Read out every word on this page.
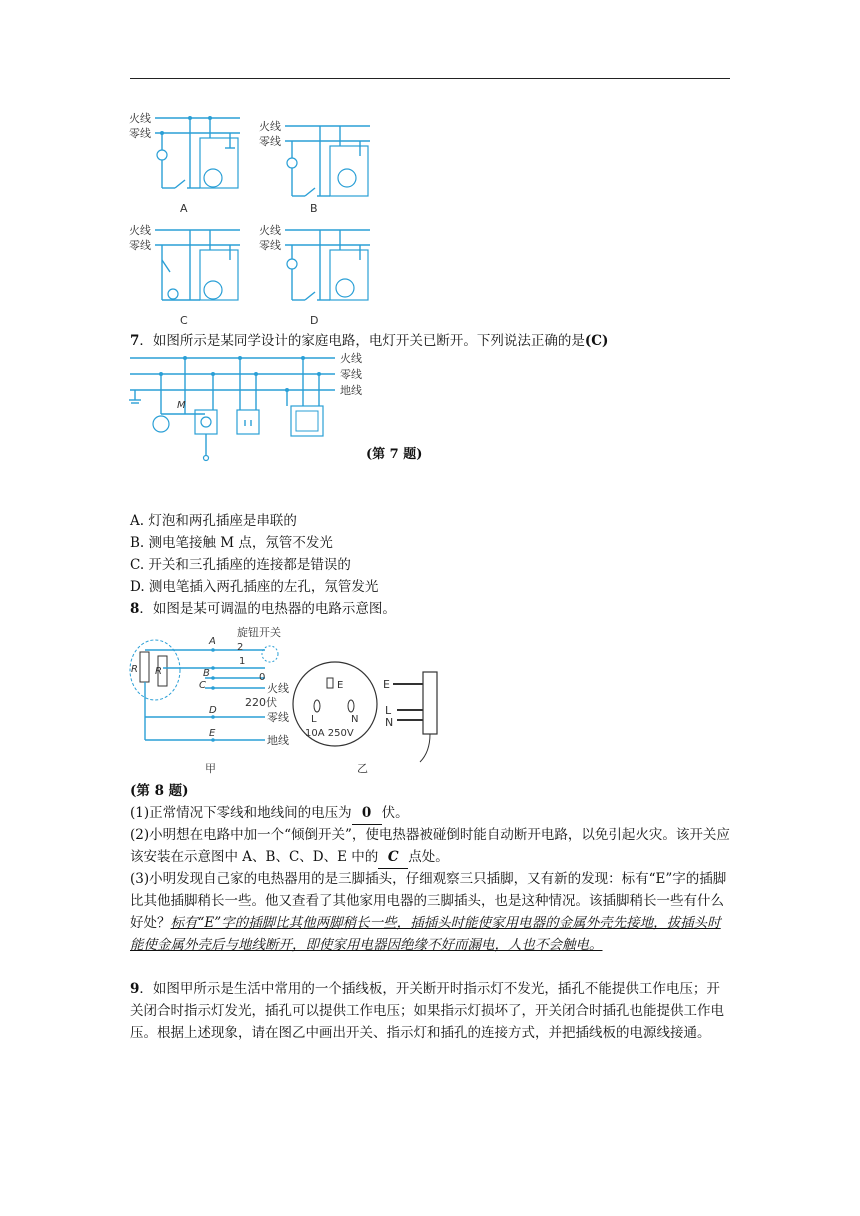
火线
零线
A
火线
零线
B
火线
零线
C
火线
零线
D
7．如图所示是某同学设计的家庭电路，电灯开关已断开。下列说法正确的是(C)
火线
零线
地线
M
(第 7 题)
A. 灯泡和两孔插座是串联的
B. 测电笔接触 M 点，氖管不发光
C. 开关和三孔插座的连接都是错误的
D. 测电笔插入两孔插座的左孔，氖管发光
8．如图是某可调温的电热器的电路示意图。
R R
A
B
C
D
E
旋钮开关
2
1
0
火线
220伏
零线
地线
甲
E
L	N
10A 250V
乙
E
L
N
(第 8 题)
(1)正常情况下零线和地线间的电压为 0 伏。
(2)小明想在电路中加一个“倾倒开关”，使电热器被碰倒时能自动断开电路，以免引起火灾。该开关应该安装在示意图中 A、B、C、D、E 中的 C 点处。
(3)小明发现自己家的电热器用的是三脚插头，仔细观察三只插脚，又有新的发现：标有“E”字的插脚比其他插脚稍长一些。他又查看了其他家用电器的三脚插头，也是这种情况。该插脚稍长一些有什么好处？标有“E”字的插脚比其他两脚稍长一些，插插头时能使家用电器的金属外壳先接地，拔插头时能使金属外壳后与地线断开，即使家用电器因绝缘不好而漏电，人也不会触电。
9．如图甲所示是生活中常用的一个插线板，开关断开时指示灯不发光，插孔不能提供工作电压；开关闭合时指示灯发光，插孔可以提供工作电压；如果指示灯损坏了，开关闭合时插孔也能提供工作电压。根据上述现象，请在图乙中画出开关、指示灯和插孔的连接方式，并把插线板的电源线接通。
